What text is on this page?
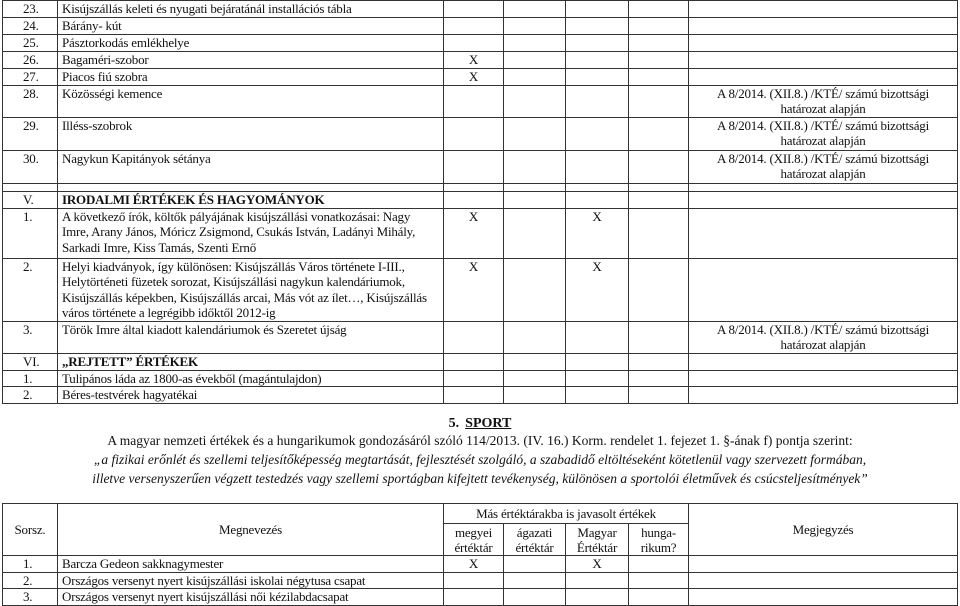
23.	Kisújszállás keleti és nyugati bejáratánál installációs tábla					
24.	Bárány- kút					
25.	Pásztorkodás emlékhelye					
26.	Bagaméri-szobor	X				
27.	Piacos fiú szobra	X				
28.	Közösségi kemence					A 8/2014. (XII.8.) /KTÉ/ számú bizottsági határozat alapján
29.	Illéss-szobrok					A 8/2014. (XII.8.) /KTÉ/ számú bizottsági határozat alapján
30.	Nagykun Kapitányok sétánya					A 8/2014. (XII.8.) /KTÉ/ számú bizottsági határozat alapján

V.	IRODALMI ÉRTÉKEK ÉS HAGYOMÁNYOK					
1.	A következő írók, költők pályájának kisújszállási vonatkozásai: Nagy Imre, Arany János, Móricz Zsigmond, Csukás István, Ladányi Mihály, Sarkadi Imre, Kiss Tamás, Szenti Ernő	X		X		
2.	Helyi kiadványok, így különösen: Kisújszállás Város története I-III., Helytörténeti füzetek sorozat, Kisújszállási nagykun kalendáriumok, Kisújszállás képekben, Kisújszállás arcai, Más vót az ílet…, Kisújszállás város története a legrégibb időktől 2012-ig	X		X		
3.	Török Imre által kiadott kalendáriumok és Szeretet újság					A 8/2014. (XII.8.) /KTÉ/ számú bizottsági határozat alapján
VI.	„REJTETT” ÉRTÉKEK					
1.	Tulipános láda az 1800-as évekből (magántulajdon)					
2.	Béres-testvérek hagyatékai					
5. SPORT
A magyar nemzeti értékek és a hungarikumok gondozásáról szóló 114/2013. (IV. 16.) Korm. rendelet 1. fejezet 1. §-ának f) pontja szerint:
„a fizikai erőnlét és szellemi teljesítőképesség megtartását, fejlesztését szolgáló, a szabadidő eltöltéseként kötetlenül vagy szervezett formában,
illetve versenyszerűen végzett testedzés vagy szellemi sportágban kifejtett tevékenység, különösen a sportolói életművek és csúcsteljesítmények”
Sorsz.	Megnevezés	Más értéktárakba is javasolt értékek				Megjegyzés
		megyei értéktár	ágazati értéktár	Magyar Értéktár	hunga-rikum?	
1.	Barcza Gedeon sakknagymester	X		X		
2.	Országos versenyt nyert kisújszállási iskolai négytusa csapat					
3.	Országos versenyt nyert kisújszállási női kézilabdacsapat					
